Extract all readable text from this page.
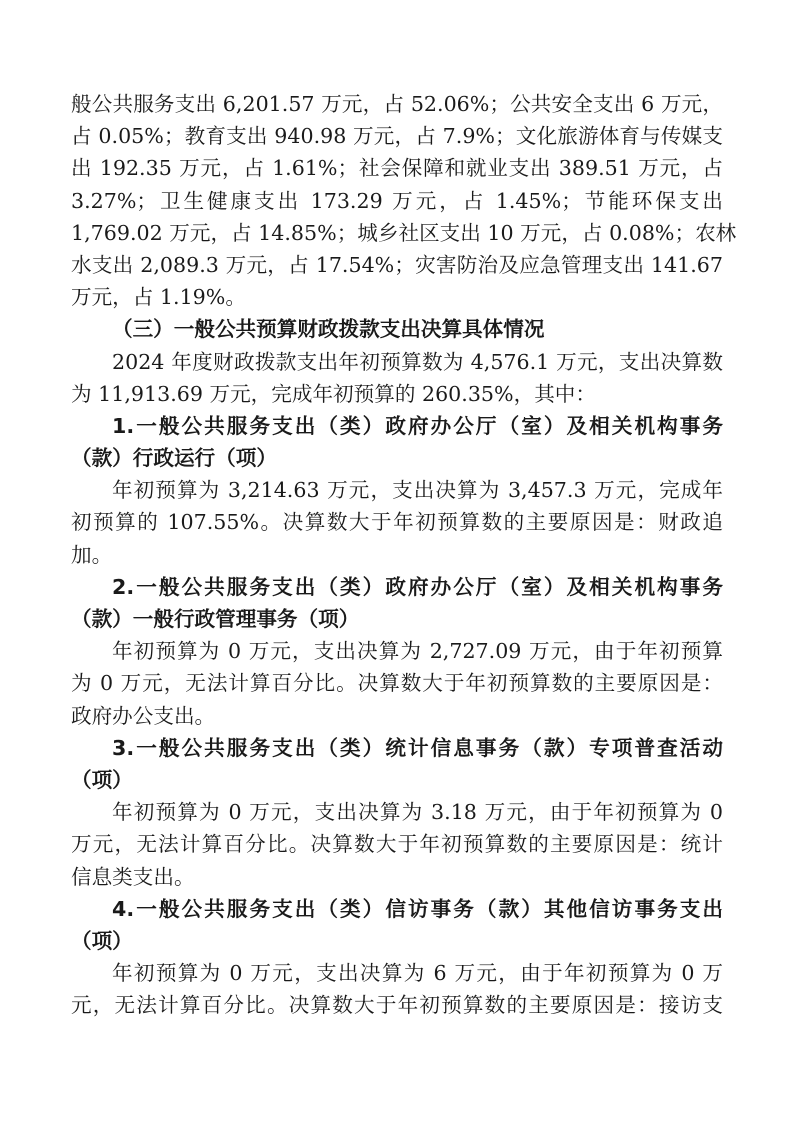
般公共服务支出 6,201.57 万元，占 52.06%；公共安全支出 6 万元，
占 0.05%；教育支出 940.98 万元，占 7.9%；文化旅游体育与传媒支
出 192.35 万元，占 1.61%；社会保障和就业支出 389.51 万元，占
3.27%；卫生健康支出 173.29 万元，占 1.45%；节能环保支出
1,769.02 万元，占 14.85%；城乡社区支出 10 万元，占 0.08%；农林
水支出 2,089.3 万元，占 17.54%；灾害防治及应急管理支出 141.67
万元，占 1.19%。
（三）一般公共预算财政拨款支出决算具体情况
2024 年度财政拨款支出年初预算数为 4,576.1 万元，支出决算数
为 11,913.69 万元，完成年初预算的 260.35%，其中：
1.一般公共服务支出（类）政府办公厅（室）及相关机构事务
（款）行政运行（项）
年初预算为 3,214.63 万元，支出决算为 3,457.3 万元，完成年
初预算的 107.55%。决算数大于年初预算数的主要原因是：财政追
加。
2.一般公共服务支出（类）政府办公厅（室）及相关机构事务
（款）一般行政管理事务（项）
年初预算为 0 万元，支出决算为 2,727.09 万元，由于年初预算
为 0 万元，无法计算百分比。决算数大于年初预算数的主要原因是：
政府办公支出。
3.一般公共服务支出（类）统计信息事务（款）专项普查活动
（项）
年初预算为 0 万元，支出决算为 3.18 万元，由于年初预算为 0
万元，无法计算百分比。决算数大于年初预算数的主要原因是：统计
信息类支出。
4.一般公共服务支出（类）信访事务（款）其他信访事务支出
（项）
年初预算为 0 万元，支出决算为 6 万元，由于年初预算为 0 万
元，无法计算百分比。决算数大于年初预算数的主要原因是：接访支
